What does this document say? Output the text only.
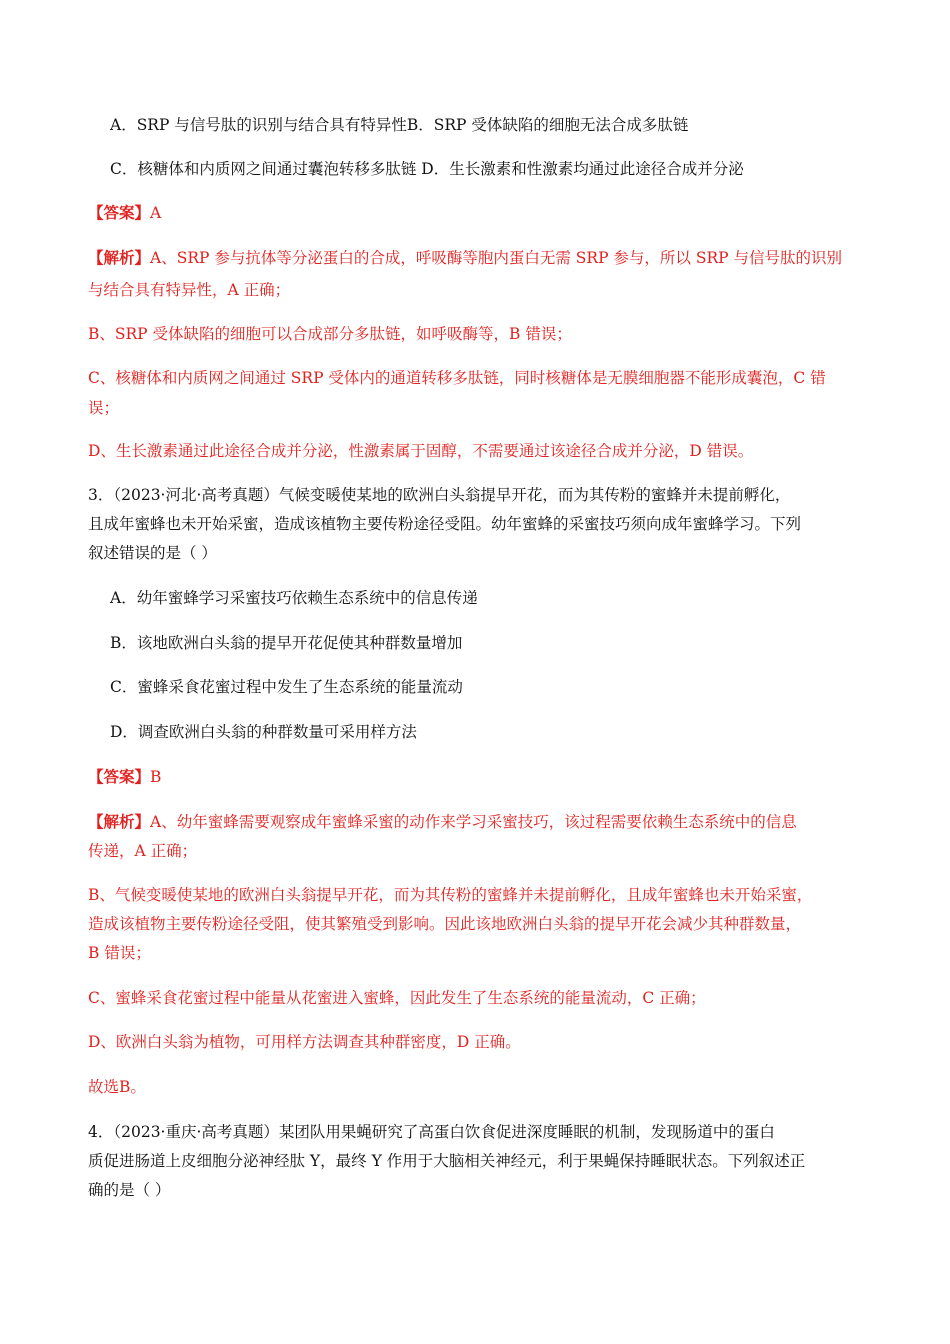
A．SRP 与信号肽的识别与结合具有特异性B．SRP 受体缺陷的细胞无法合成多肽链
C．核糖体和内质网之间通过囊泡转移多肽链 D．生长激素和性激素均通过此途径合成并分泌
【答案】A
【解析】A、SRP 参与抗体等分泌蛋白的合成，呼吸酶等胞内蛋白无需 SRP 参与，所以 SRP 与信号肽的识别
与结合具有特异性，A 正确；
B、SRP 受体缺陷的细胞可以合成部分多肽链，如呼吸酶等，B 错误；
C、核糖体和内质网之间通过 SRP 受体内的通道转移多肽链，同时核糖体是无膜细胞器不能形成囊泡，C 错
误；
D、生长激素通过此途径合成并分泌，性激素属于固醇，不需要通过该途径合成并分泌，D 错误。
3．（2023·河北·高考真题）气候变暖使某地的欧洲白头翁提早开花，而为其传粉的蜜蜂并未提前孵化，
且成年蜜蜂也未开始采蜜，造成该植物主要传粉途径受阻。幼年蜜蜂的采蜜技巧须向成年蜜蜂学习。下列
叙述错误的是（ ）
A．幼年蜜蜂学习采蜜技巧依赖生态系统中的信息传递
B．该地欧洲白头翁的提早开花促使其种群数量增加
C．蜜蜂采食花蜜过程中发生了生态系统的能量流动
D．调查欧洲白头翁的种群数量可采用样方法
【答案】B
【解析】A、幼年蜜蜂需要观察成年蜜蜂采蜜的动作来学习采蜜技巧，该过程需要依赖生态系统中的信息
传递，A 正确；
B、气候变暖使某地的欧洲白头翁提早开花，而为其传粉的蜜蜂并未提前孵化，且成年蜜蜂也未开始采蜜，
造成该植物主要传粉途径受阻，使其繁殖受到影响。因此该地欧洲白头翁的提早开花会减少其种群数量，
B 错误；
C、蜜蜂采食花蜜过程中能量从花蜜进入蜜蜂，因此发生了生态系统的能量流动，C 正确；
D、欧洲白头翁为植物，可用样方法调查其种群密度，D 正确。
故选B。
4．（2023·重庆·高考真题）某团队用果蝇研究了高蛋白饮食促进深度睡眠的机制，发现肠道中的蛋白
质促进肠道上皮细胞分泌神经肽 Y，最终 Y 作用于大脑相关神经元，利于果蝇保持睡眠状态。下列叙述正
确的是（ ）
